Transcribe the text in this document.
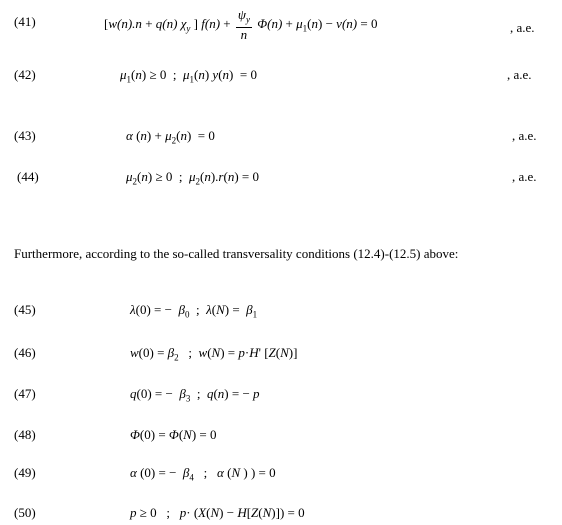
(41)	[w(n).n + q(n) $\chi_y$ ] $f(n) + \frac{\psi_y}{n} \Phi(n) + \mu_1(n) - \nu(n) = 0$	, a.e.
(42)	$\mu_1(n) \ge 0$  ;  $\mu_1(n) y(n) = 0$	, a.e.
(43)	α $(n) + \mu_2(n) = 0$	, a.e.
(44)	$\mu_2(n) \ge 0$  ;  $\mu_2(n).r(n) = 0$	, a.e.
Furthermore, according to the so-called transversality conditions (12.4)-(12.5) above:
(45)	λ(0) = −  $\beta_0$  ;  $\lambda(N) = \beta_1$
(46)	$w(0) = \beta_2$   ;  w(N) = p·H' [Z(N)]
(47)	q(0) = −  $\beta_3$  ;  q(n) = − p
(48)	Φ(0) = Φ(N) = 0
(49)	α (0) = −  $\beta_4$   ;   α (N ) ) = 0
(50)	p ≥ 0   ;   p· (X(N) − H[Z(N)]) = 0
